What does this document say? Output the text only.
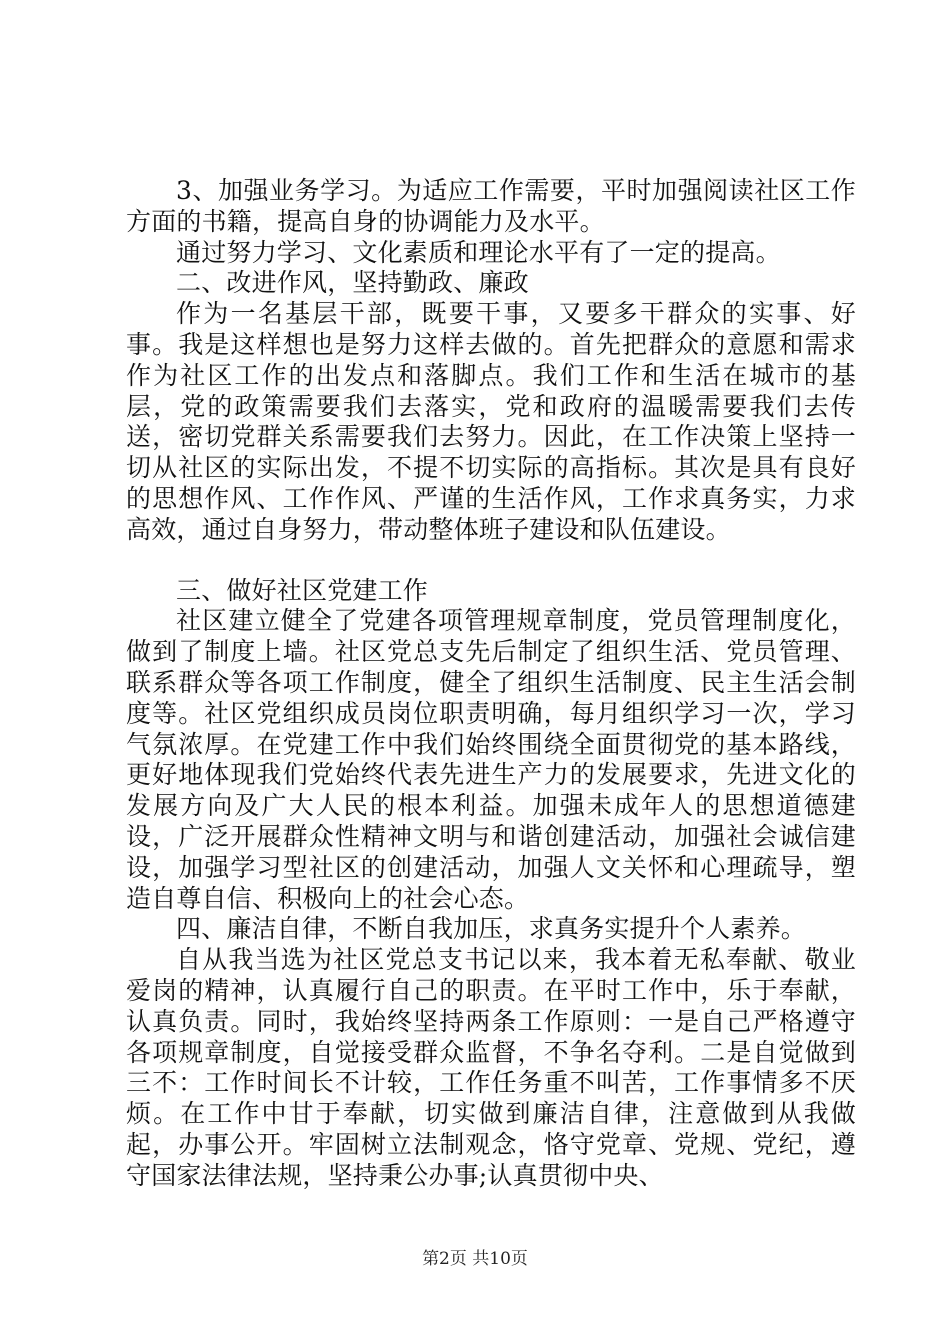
3、加强业务学习。为适应工作需要，平时加强阅读社区工作方面的书籍，提高自身的协调能力及水平。

通过努力学习、文化素质和理论水平有了一定的提高。

二、改进作风，坚持勤政、廉政

作为一名基层干部，既要干事，又要多干群众的实事、好事。我是这样想也是努力这样去做的。首先把群众的意愿和需求作为社区工作的出发点和落脚点。我们工作和生活在城市的基层，党的政策需要我们去落实，党和政府的温暖需要我们去传送，密切党群关系需要我们去努力。因此，在工作决策上坚持一切从社区的实际出发，不提不切实际的高指标。其次是具有良好的思想作风、工作作风、严谨的生活作风，工作求真务实，力求高效，通过自身努力，带动整体班子建设和队伍建设。

三、做好社区党建工作

社区建立健全了党建各项管理规章制度，党员管理制度化，做到了制度上墙。社区党总支先后制定了组织生活、党员管理、联系群众等各项工作制度，健全了组织生活制度、民主生活会制度等。社区党组织成员岗位职责明确，每月组织学习一次，学习气氛浓厚。在党建工作中我们始终围绕全面贯彻党的基本路线，更好地体现我们党始终代表先进生产力的发展要求，先进文化的发展方向及广大人民的根本利益。加强未成年人的思想道德建设，广泛开展群众性精神文明与和谐创建活动，加强社会诚信建设，加强学习型社区的创建活动，加强人文关怀和心理疏导，塑造自尊自信、积极向上的社会心态。

四、廉洁自律，不断自我加压，求真务实提升个人素养。

自从我当选为社区党总支书记以来，我本着无私奉献、敬业爱岗的精神，认真履行自己的职责。在平时工作中，乐于奉献，认真负责。同时，我始终坚持两条工作原则：一是自己严格遵守各项规章制度，自觉接受群众监督，不争名夺利。二是自觉做到三不：工作时间长不计较，工作任务重不叫苦，工作事情多不厌烦。在工作中甘于奉献，切实做到廉洁自律，注意做到从我做起，办事公开。牢固树立法制观念，恪守党章、党规、党纪，遵守国家法律法规，坚持秉公办事;认真贯彻中央、

第2页 共10页
